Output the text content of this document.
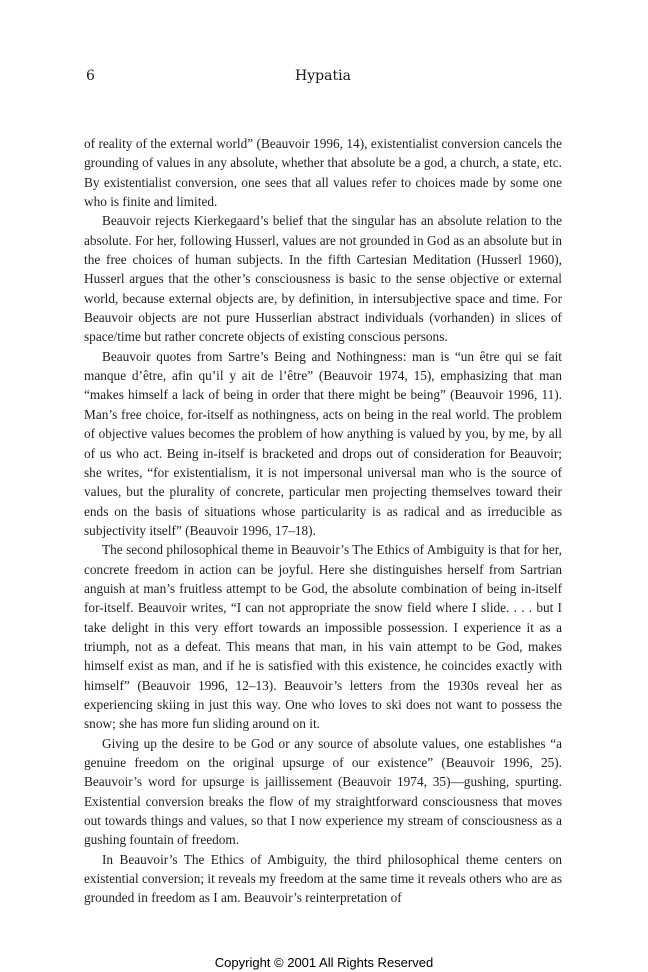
6	Hypatia

of reality of the external world” (Beauvoir 1996, 14), existentialist conversion cancels the grounding of values in any absolute, whether that absolute be a god, a church, a state, etc. By existentialist conversion, one sees that all values refer to choices made by some one who is finite and limited.

Beauvoir rejects Kierkegaard’s belief that the singular has an absolute relation to the absolute. For her, following Husserl, values are not grounded in God as an absolute but in the free choices of human subjects. In the fifth Cartesian Meditation (Husserl 1960), Husserl argues that the other’s consciousness is basic to the sense objective or external world, because external objects are, by definition, in intersubjective space and time. For Beauvoir objects are not pure Husserlian abstract individuals (vorhanden) in slices of space/time but rather concrete objects of existing conscious persons.

Beauvoir quotes from Sartre’s Being and Nothingness: man is “un être qui se fait manque d’être, afin qu’il y ait de l’être” (Beauvoir 1974, 15), emphasizing that man “makes himself a lack of being in order that there might be being” (Beauvoir 1996, 11). Man’s free choice, for-itself as nothingness, acts on being in the real world. The problem of objective values becomes the problem of how anything is valued by you, by me, by all of us who act. Being in-itself is bracketed and drops out of consideration for Beauvoir; she writes, “for existentialism, it is not impersonal universal man who is the source of values, but the plurality of concrete, particular men projecting themselves toward their ends on the basis of situations whose particularity is as radical and as irreducible as subjectivity itself” (Beauvoir 1996, 17–18).

The second philosophical theme in Beauvoir’s The Ethics of Ambiguity is that for her, concrete freedom in action can be joyful. Here she distinguishes herself from Sartrian anguish at man’s fruitless attempt to be God, the absolute combination of being in-itself for-itself. Beauvoir writes, “I can not appropriate the snow field where I slide. . . . but I take delight in this very effort towards an impossible possession. I experience it as a triumph, not as a defeat. This means that man, in his vain attempt to be God, makes himself exist as man, and if he is satisfied with this existence, he coincides exactly with himself” (Beauvoir 1996, 12–13). Beauvoir’s letters from the 1930s reveal her as experiencing skiing in just this way. One who loves to ski does not want to possess the snow; she has more fun sliding around on it.

Giving up the desire to be God or any source of absolute values, one establishes “a genuine freedom on the original upsurge of our existence” (Beauvoir 1996, 25). Beauvoir’s word for upsurge is jaillissement (Beauvoir 1974, 35)—gushing, spurting. Existential conversion breaks the flow of my straightforward consciousness that moves out towards things and values, so that I now experience my stream of consciousness as a gushing fountain of freedom.

In Beauvoir’s The Ethics of Ambiguity, the third philosophical theme centers on existential conversion; it reveals my freedom at the same time it reveals others who are as grounded in freedom as I am. Beauvoir’s reinterpretation of

Copyright © 2001 All Rights Reserved
